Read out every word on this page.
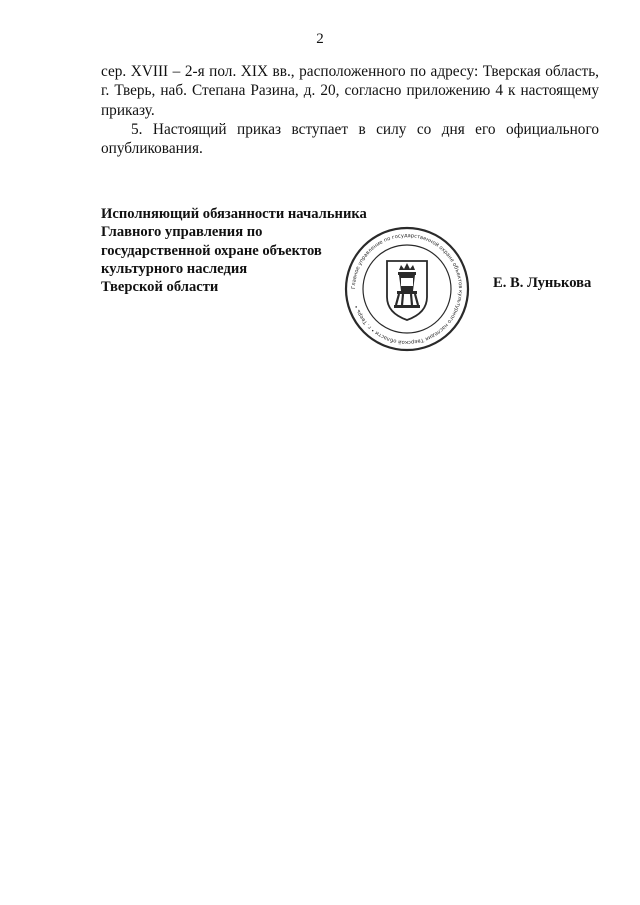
2

сер. XVIII – 2-я пол. XIX вв., расположенного по адресу: Тверская область, г. Тверь, наб. Степана Разина, д. 20, согласно приложению 4 к настоящему приказу.

5. Настоящий приказ вступает в силу со дня его официального опубликования.

Исполняющий обязанности начальника
Главного управления по
государственной охране объектов
культурного наследия
Тверской области	Е. В. Лунькова
Главное управление по государственной охране объектов культурного наследия Тверской области • г. Тверь •
